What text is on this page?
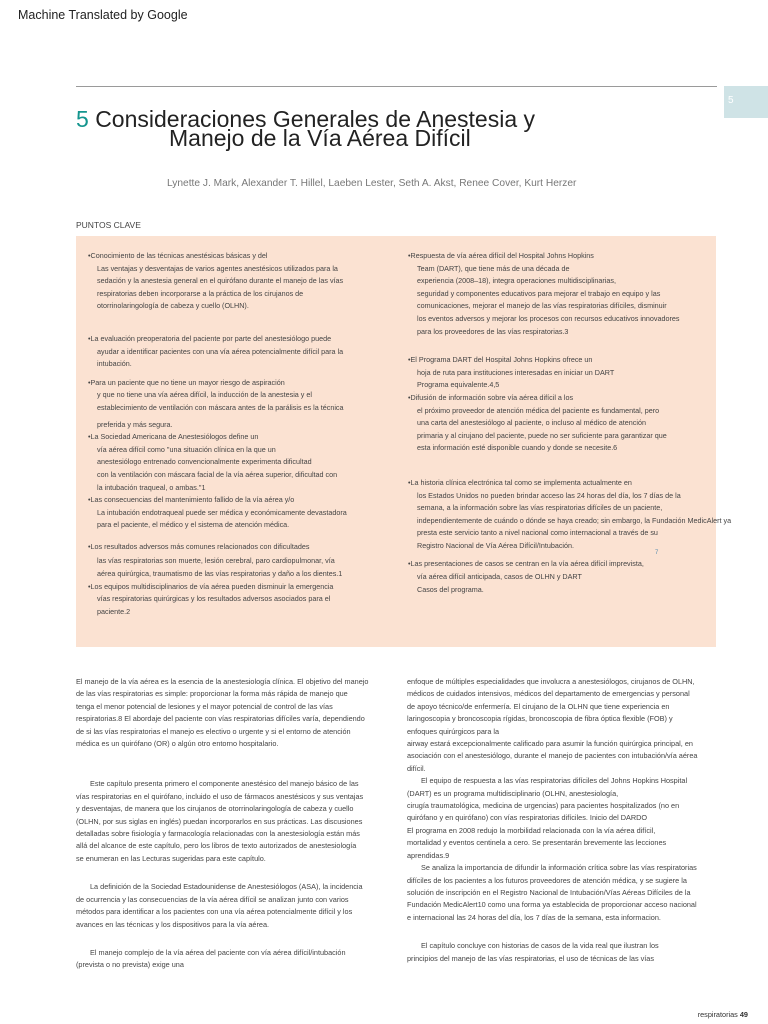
Machine Translated by Google
5
5 Consideraciones Generales de Anestesia y
Manejo de la Vía Aérea Difícil
Lynette J. Mark, Alexander T. Hillel, Laeben Lester, Seth A. Akst, Renee Cover, Kurt Herzer
PUNTOS CLAVE
•Conocimiento de las técnicas anestésicas básicas y del
Las ventajas y desventajas de varios agentes anestésicos utilizados para la
sedación y la anestesia general en el quirófano durante el manejo de las vías
respiratorias deben incorporarse a la práctica de los cirujanos de
otorrinolaringología de cabeza y cuello (OLHN).
•La evaluación preoperatoria del paciente por parte del anestesiólogo puede
ayudar a identificar pacientes con una vía aérea potencialmente difícil para la
intubación.
•Para un paciente que no tiene un mayor riesgo de aspiración
y que no tiene una vía aérea difícil, la inducción de la anestesia y el
establecimiento de ventilación con máscara antes de la parálisis es la técnica
preferida y más segura.
•La Sociedad Americana de Anestesiólogos define un
vía aérea difícil como "una situación clínica en la que un
anestesiólogo entrenado convencionalmente experimenta dificultad
con la ventilación con máscara facial de la vía aérea superior, dificultad con
la intubación traqueal, o ambas."1
•Las consecuencias del mantenimiento fallido de la vía aérea y/o
La intubación endotraqueal puede ser médica y económicamente devastadora
para el paciente, el médico y el sistema de atención médica.
•Los resultados adversos más comunes relacionados con dificultades
las vías respiratorias son muerte, lesión cerebral, paro cardiopulmonar, vía
aérea quirúrgica, traumatismo de las vías respiratorias y daño a los dientes.1
•Los equipos multidisciplinarios de vía aérea pueden disminuir la emergencia
vías respiratorias quirúrgicas y los resultados adversos asociados para el
paciente.2
•Respuesta de vía aérea difícil del Hospital Johns Hopkins
Team (DART), que tiene más de una década de
experiencia (2008–18), integra operaciones multidisciplinarias,
seguridad y componentes educativos para mejorar el trabajo en equipo y las
comunicaciones, mejorar el manejo de las vías respiratorias difíciles, disminuir
los eventos adversos y mejorar los procesos con recursos educativos innovadores
para los proveedores de las vías respiratorias.3
•El Programa DART del Hospital Johns Hopkins ofrece un
hoja de ruta para instituciones interesadas en iniciar un DART
Programa equivalente.4,5
•Difusión de información sobre vía aérea difícil a los
el próximo proveedor de atención médica del paciente es fundamental, pero
una carta del anestesiólogo al paciente, o incluso al médico de atención
primaria y al cirujano del paciente, puede no ser suficiente para garantizar que
esta información esté disponible cuando y donde se necesite.6
•La historia clínica electrónica tal como se implementa actualmente en
los Estados Unidos no pueden brindar acceso las 24 horas del día, los 7 días de la
semana, a la información sobre las vías respiratorias difíciles de un paciente,
independientemente de cuándo o dónde se haya creado; sin embargo, la Fundación MedicAlert ya
presta este servicio tanto a nivel nacional como internacional a través de su
Registro Nacional de Vía Aérea Difícil/Intubación.
•Las presentaciones de casos se centran en la vía aérea difícil imprevista,
vía aérea difícil anticipada, casos de OLHN y DART
Casos del programa.
7
El manejo de la vía aérea es la esencia de la anestesiología clínica. El objetivo del manejo
de las vías respiratorias es simple: proporcionar la forma más rápida de manejo que
tenga el menor potencial de lesiones y el mayor potencial de control de las vías
respiratorias.8 El abordaje del paciente con vías respiratorias difíciles varía, dependiendo
de si las vías respiratorias el manejo es electivo o urgente y si el entorno de atención
médica es un quirófano (OR) o algún otro entorno hospitalario.
Este capítulo presenta primero el componente anestésico del manejo básico de las
vías respiratorias en el quirófano, incluido el uso de fármacos anestésicos y sus ventajas
y desventajas, de manera que los cirujanos de otorrinolaringología de cabeza y cuello
(OLHN, por sus siglas en inglés) puedan incorporarlos en sus prácticas. Las discusiones
detalladas sobre fisiología y farmacología relacionadas con la anestesiología están más
allá del alcance de este capítulo, pero los libros de texto autorizados de anestesiología
se enumeran en las Lecturas sugeridas para este capítulo.
La definición de la Sociedad Estadounidense de Anestesiólogos (ASA), la incidencia
de ocurrencia y las consecuencias de la vía aérea difícil se analizan junto con varios
métodos para identificar a los pacientes con una vía aérea potencialmente difícil y los
avances en las técnicas y los dispositivos para la vía aérea.
El manejo complejo de la vía aérea del paciente con vía aérea difícil/intubación
(prevista o no prevista) exige una
enfoque de múltiples especialidades que involucra a anestesiólogos, cirujanos de OLHN,
médicos de cuidados intensivos, médicos del departamento de emergencias y personal
de apoyo técnico/de enfermería. El cirujano de la OLHN que tiene experiencia en
laringoscopia y broncoscopia rígidas, broncoscopia de fibra óptica flexible (FOB) y
enfoques quirúrgicos para la
airway estará excepcionalmente calificado para asumir la función quirúrgica principal, en
asociación con el anestesiólogo, durante el manejo de pacientes con intubación/vía aérea
difícil.
El equipo de respuesta a las vías respiratorias difíciles del Johns Hopkins Hospital
(DART) es un programa multidisciplinario (OLHN, anestesiología,
cirugía traumatológica, medicina de urgencias) para pacientes hospitalizados (no en
quirófano y en quirófano) con vías respiratorias difíciles. Inicio del DARDO
El programa en 2008 redujo la morbilidad relacionada con la vía aérea difícil,
mortalidad y eventos centinela a cero. Se presentarán brevemente las lecciones
aprendidas.9
Se analiza la importancia de difundir la información crítica sobre las vías respiratorias
difíciles de los pacientes a los futuros proveedores de atención médica, y se sugiere la
solución de inscripción en el Registro Nacional de Intubación/Vías Aéreas Difíciles de la
Fundación MedicAlert10 como una forma ya establecida de proporcionar acceso nacional
e internacional las 24 horas del día, los 7 días de la semana, esta informacion.
El capítulo concluye con historias de casos de la vida real que ilustran los
principios del manejo de las vías respiratorias, el uso de técnicas de las vías
respiratorias 49
